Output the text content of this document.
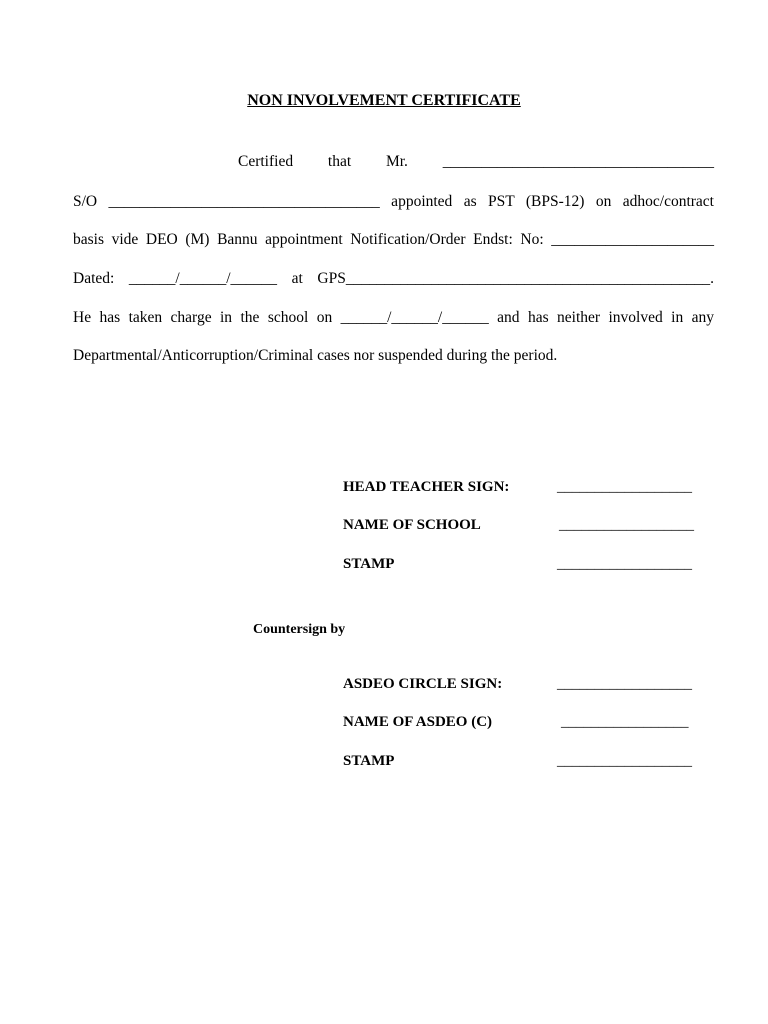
NON INVOLVEMENT CERTIFICATE
Certified that Mr. ___________________________________
S/O ___________________________________ appointed as PST (BPS-12) on adhoc/contract
basis vide DEO (M) Bannu appointment Notification/Order Endst: No: _____________________
Dated: ______/______/______ at GPS_______________________________________________.
He has taken charge in the school on ______/______/______ and has neither involved in any
Departmental/Anticorruption/Criminal cases nor suspended during the period.
HEAD TEACHER SIGN:	__________________
NAME OF SCHOOL	__________________
STAMP	__________________
Countersign by
ASDEO CIRCLE SIGN:	__________________
NAME OF ASDEO (C)	_________________
STAMP	__________________
